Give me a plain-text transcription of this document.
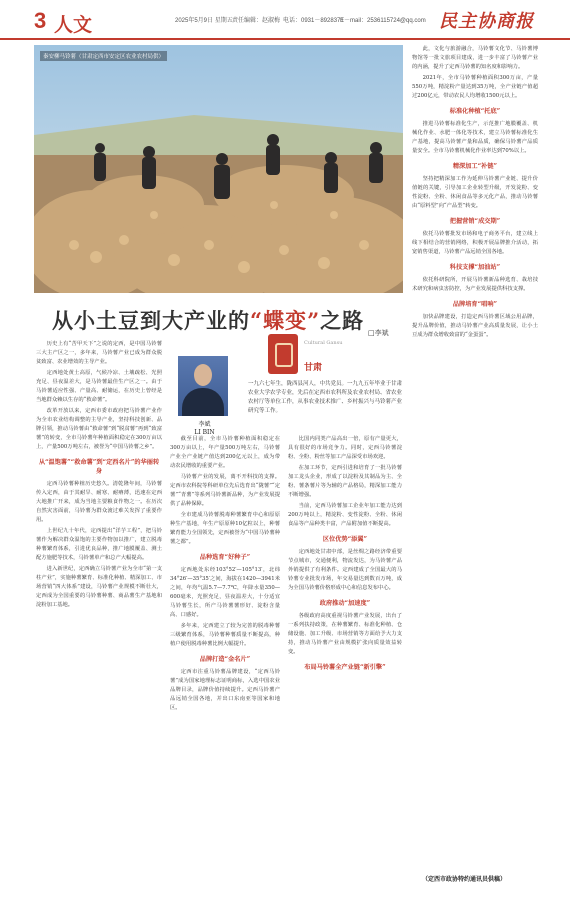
3 人文	2025年5月9日 星期五 责任编辑：赵淑梅 电话：0931－8928371
E－mail：2536115724@qq.com 民主协商报
秦安柳马铃薯（甘肃定西市安定区农业农村局供）
从小土豆到大产业的“蝶变”之路 □李斌
Cultural Gansu
甘肃
李斌
LI BIN
一九六七年生，陇西县河人，中共党员。一九九五年毕业于甘肃农业大学农学专业，先后在定西市农科所及农业农村局、省农业农村厅等单位工作，从事农业技术推广、乡村振兴与马铃薯产业研究等工作。

历史上有“苦甲天下”之说的定西，是中国马铃薯三大主产区之一，多年来，马铃薯产业已成为群众脱贫致富、农业增效的主导产业。

定西地处黄土高原，气候冷凉、土壤疏松、光照充足、昼夜温差大，是马铃薯最佳生产区之一。由于马铃薯适应性强、产量高、耐储运，在历史上曾经是当地群众赖以生存的“救命薯”。

改革开放以来，定西市委市政府把马铃薯产业作为全市农业结构调整的主导产业，坚持科技创新、品牌引领，推动马铃薯由“救命薯”到“脱贫薯”再到“致富薯”的转变，全市马铃薯年种植面积稳定在300万亩以上，产量500万吨左右，被誉为“中国马铃薯之乡”。

从“温饱薯”“救命薯”到“定西名片”的华丽转身

定西马铃薯种植历史悠久。清乾隆年间，马铃薯传入定西，由于其耐旱、耐寒、耐瘠薄，迅速在定西大地推广开来，成为当地主要粮食作物之一。在历次自然灾害面前，马铃薯为群众渡过难关发挥了重要作用。

上世纪九十年代，定西提出“洋芋工程”，把马铃薯作为解决群众温饱的主要作物加以推广，建立脱毒种薯繁育体系，引进优良品种，推广地膜覆盖、测土配方施肥等技术，马铃薯单产和总产大幅提高。

进入新世纪，定西确立马铃薯产业为全市“第一支柱产业”，实施种薯繁育、标准化种植、精深加工、市场营销“四大体系”建设，马铃薯产业规模不断壮大，定西成为全国重要的马铃薯种薯、商品薯生产基地和淀粉加工基地。

截至目前，全市马铃薯种植面积稳定在300万亩以上，年产量500万吨左右，马铃薯产业全产业链产值达到200亿元以上，成为带动农民增收的重要产业。

马铃薯产业的发展，离不开科技的支撑。定西市农科院等科研单位先后选育出“陇薯”“定薯”“青薯”等系列马铃薯新品种，为产业发展提供了品种保障。

全市建成马铃薯脱毒种薯繁育中心和原原种生产基地，年生产原原种10亿粒以上，种薯繁育能力全国领先，定西被誉为“中国马铃薯种薯之都”。

品种选育“好种子”

定西地处东经103°52′—105°13′，北纬34°26′—35°35′之间，海拔在1420—3941米之间，年均气温5.7—7.7℃，年降水量350—600毫米，光照充足，昼夜温差大，十分适宜马铃薯生长，所产马铃薯薯形好、淀粉含量高、口感好。

多年来，定西建立了较为完善的脱毒种薯三级繁育体系，马铃薯种薯质量不断提高，种植户使用脱毒种薯比例大幅提升。

品牌打造“金名片”

定西市注重马铃薯品牌建设，“定西马铃薯”成为国家地理标志证明商标，入选中国农业品牌目录，品牌价值持续提升。定西马铃薯产品远销全国各地，并出口东南亚等国家和地区。

比国内同类产品高出一倍，原有产量更大，具有很好的市场竞争力。同时，定西马铃薯淀粉、全粉、粉丝等加工产品深受市场欢迎。

在加工环节，定西引进和培育了一批马铃薯加工龙头企业，形成了以淀粉及其制品为主、全粉、薯条薯片等为辅的产品格局，精深加工能力不断增强。

当前，定西马铃薯加工企业年加工能力达到200万吨以上，精淀粉、变性淀粉、全粉、休闲食品等产品种类丰富，产品附加值不断提高。

区位优势“添翼”

定西地处甘肃中部，是丝绸之路经济带重要节点城市，交通便利，物流发达，为马铃薯产品外销提供了有利条件。定西建成了全国最大的马铃薯专业批发市场，年交易量达到数百万吨，成为全国马铃薯价格形成中心和信息发布中心。

政府推动“加速度”

各级政府高度重视马铃薯产业发展，出台了一系列扶持政策，在种薯繁育、标准化种植、仓储设施、加工升级、市场营销等方面给予大力支持，推动马铃薯产业由规模扩张向质量效益转变。

布局马铃薯全产业链“新引擎”

此，文化与旅游融合，马铃薯文化节、马铃薯博物馆等一批文旅项目建成，进一步丰富了马铃薯产业的内涵，提升了定西马铃薯的知名度和影响力。

2021年，全市马铃薯种植面积300万亩，产量550万吨，精淀粉产量达到35万吨，全产业链产值超过200亿元，带动农民人均增收1500元以上。

标准化种植“托底”

推进马铃薯标准化生产，示范推广地膜覆盖、机械化作业、水肥一体化等技术，建立马铃薯标准化生产基地，提高马铃薯产量和品质，确保马铃薯产品质量安全。全市马铃薯机械化作业率达到70%以上。

精深加工“补链”

坚持把精深加工作为延伸马铃薯产业链、提升价值链的关键，引导加工企业转型升级，开发淀粉、变性淀粉、全粉、休闲食品等多元化产品，推动马铃薯由“原料型”向“产品型”转变。

把握营销“成交期”

依托马铃薯批发市场和电子商务平台，建立线上线下相结合的营销网络，积极开展品牌推介活动，拓宽销售渠道，马铃薯产品远销全国各地。

科技支撑“加油站”

依托科研院所，开展马铃薯新品种选育、栽培技术研究和病虫害防控，为产业发展提供科技支撑。

品牌培育“唱响”

加快品牌建设，打造定西马铃薯区域公用品牌，提升品牌价值，推动马铃薯产业高质量发展，让小土豆成为群众增收致富的“金蛋蛋”。

（定西市政协特约通讯员供稿）
